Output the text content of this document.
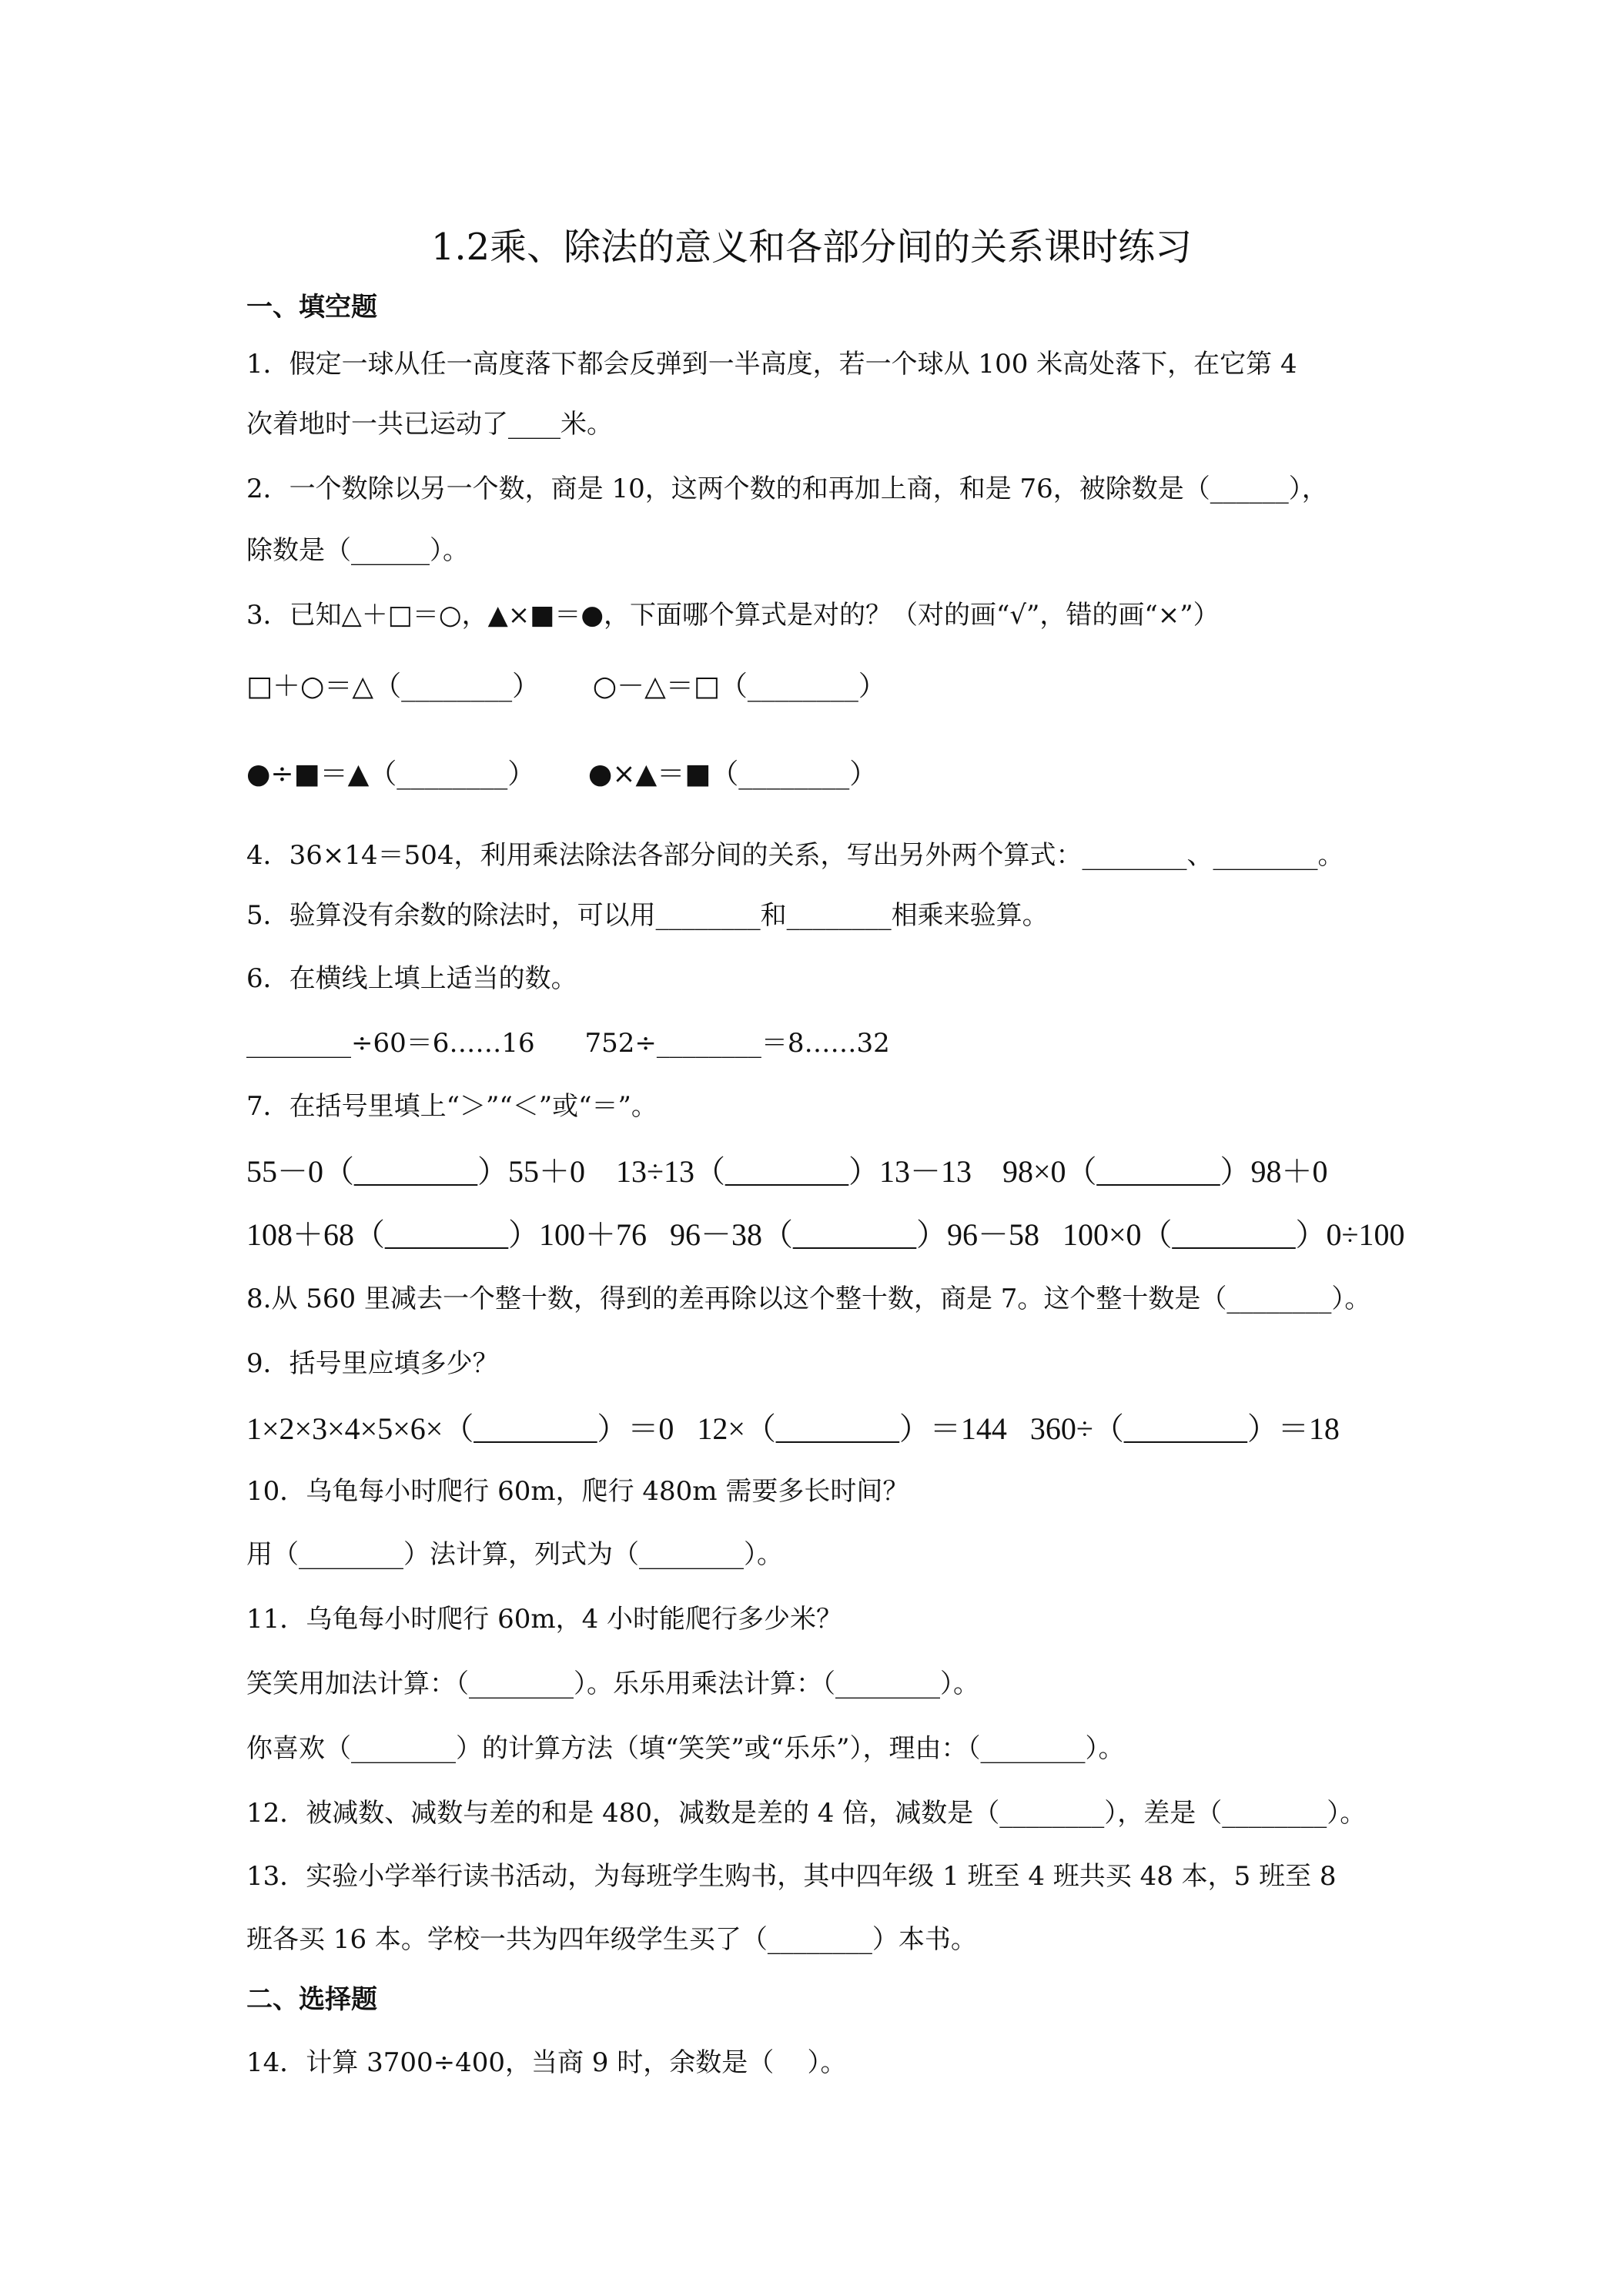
1.2乘、除法的意义和各部分间的关系课时练习
一、填空题
1．假定一球从任一高度落下都会反弹到一半高度，若一个球从 100 米高处落下，在它第 4
次着地时一共已运动了____米。
2．一个数除以另一个数，商是 10，这两个数的和再加上商，和是 76，被除数是（______），
除数是（______）。
3．已知△＋□＝○，▲×■＝●，下面哪个算式是对的？（对的画“√”，错的画“×”）
□＋○＝△（________）      ○－△＝□（________）
●÷■＝▲（________）      ●×▲＝■（________）
4．36×14＝504，利用乘法除法各部分间的关系，写出另外两个算式：________、________。
5．验算没有余数的除法时，可以用________和________相乘来验算。
6．在横线上填上适当的数。
________÷60＝6……16      752÷________＝8……32
7．在括号里填上“＞”“＜”或“＝”。
55－0（________）55＋0    13÷13（________）13－13    98×0（________）98＋0
108＋68（________）100＋76   96－38（________）96－58   100×0（________）0÷100
8.从 560 里减去一个整十数，得到的差再除以这个整十数，商是 7。这个整十数是（________）。
9．括号里应填多少？
1×2×3×4×5×6×（________）＝0   12×（________）＝144   360÷（________）＝18
10．乌龟每小时爬行 60m，爬行 480m 需要多长时间？
用（________）法计算，列式为（________）。
11．乌龟每小时爬行 60m，4 小时能爬行多少米？
笑笑用加法计算：（________）。乐乐用乘法计算：（________）。
你喜欢（________）的计算方法（填“笑笑”或“乐乐”），理由：（________）。
12．被减数、减数与差的和是 480，减数是差的 4 倍，减数是（________），差是（________）。
13．实验小学举行读书活动，为每班学生购书，其中四年级 1 班至 4 班共买 48 本，5 班至 8
班各买 16 本。学校一共为四年级学生买了（________）本书。
二、选择题
14．计算 3700÷400，当商 9 时，余数是（    ）。
